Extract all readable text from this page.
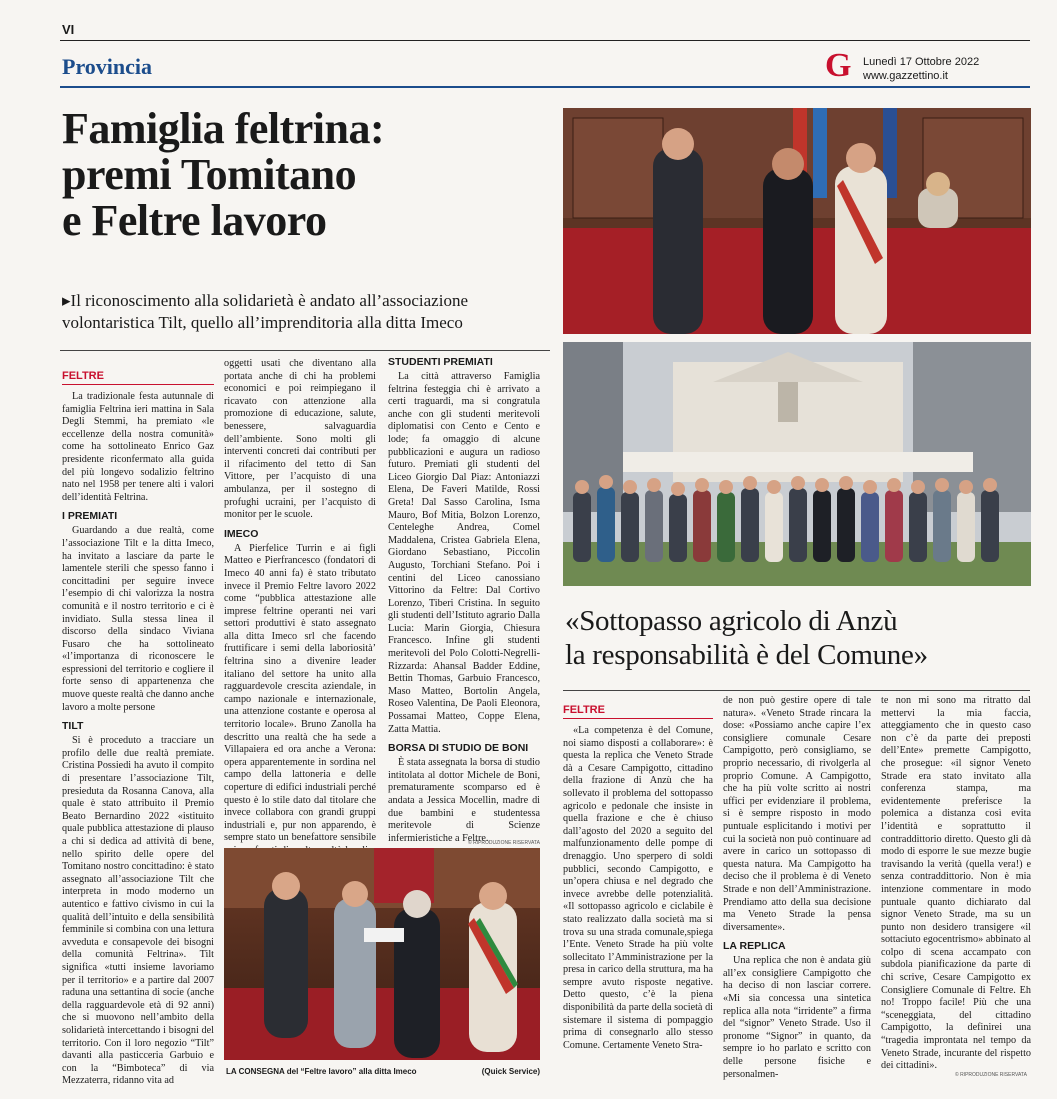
VI
Provincia	G	Lunedì 17 Ottobre 2022
www.gazzettino.it
Famiglia feltrina:
premi Tomitano
e Feltre lavoro
▸Il riconoscimento alla solidarietà è andato all’associazione volontaristica Tilt, quello all’imprenditoria alla ditta Imeco
FELTRE

La tradizionale festa autunnale di famiglia Feltrina ieri mattina in Sala Degli Stemmi, ha premiato «le eccellenze della nostra comunità» come ha sottolineato Enrico Gaz presidente riconfermato alla guida del più longevo sodalizio feltrino nato nel 1958 per tenere alti i valori dell’identità Feltrina.

I PREMIATI

Guardando a due realtà, come l’associazione Tilt e la ditta Imeco, ha invitato a lasciare da parte le lamentele sterili che spesso fanno i concittadini per seguire invece l’esempio di chi valorizza la nostra comunità e il nostro territorio e ci è invidiato. Sulla stessa linea il discorso della sindaco Viviana Fusaro che ha sottolineato «l’importanza di riconoscere le espressioni del territorio e cogliere il forte senso di appartenenza che muove queste realtà che danno anche lavoro a molte persone

TILT

Si è proceduto a tracciare un profilo delle due realtà premiate. Cristina Possiedi ha avuto il compito di presentare l’associazione Tilt, presieduta da Rosanna Canova, alla quale è stato attribuito il Premio Beato Bernardino 2022 «istituito quale pubblica attestazione di plauso a chi si dedica ad attività di bene, nello spirito delle opere del Tomitano nostro concittadino: è stato assegnato all’associazione Tilt che interpreta in modo moderno un autentico e fattivo civismo in cui la qualità dell’intuito e della sensibilità femminile si combina con una lettura avveduta e consapevole dei bisogni della comunità Feltrina». Tilt significa «tutti insieme lavoriamo per il territorio» e a partire dal 2007 raduna una settantina di socie (anche della ragguardevole età di 92 anni) che si muovono nell’ambito della solidarietà intercettando i bisogni del territorio. Con il loro negozio “Tilt” davanti alla pasticceria Garbuio e con la “Bimboteca” di via Mezzaterra, ridanno vita ad

oggetti usati che diventano alla portata anche di chi ha problemi economici e poi reimpiegano il ricavato con attenzione alla promozione di educazione, salute, benessere, salvaguardia dell’ambiente. Sono molti gli interventi concreti dai contributi per il rifacimento del tetto di San Vittore, per l’acquisto di una ambulanza, per il sostegno di profughi ucraini, per l’acquisto di monitor per le scuole.

IMECO

A Pierfelice Turrin e ai figli Matteo e Pierfrancesco (fondatori di Imeco 40 anni fa) è stato tributato invece il Premio Feltre lavoro 2022 come “pubblica attestazione alle imprese feltrine operanti nei vari settori produttivi è stato assegnato alla ditta Imeco srl che facendo fruttificare i semi della laboriosità’ feltrina sino a divenire leader italiano del settore ha unito alla ragguardevole crescita aziendale, in campo nazionale e internazionale, una attenzione costante e operosa al territorio locale». Bruno Zanolla ha descritto una realtà che ha sede a Villapaiera ed ora anche a Verona: opera apparentemente in sordina nel campo della lattoneria e delle coperture di edifici industriali perché questo è lo stile dato dal titolare che invece collabora con grandi gruppi industriali e, pur non apparendo, è sempre stato un benefattore sensibile

STUDENTI PREMIATI

La città attraverso Famiglia feltrina festeggia chi è arrivato a certi traguardi, ma si congratula anche con gli studenti meritevoli diplomatisi con Cento e Cento e lode; fa omaggio di alcune pubblicazioni e augura un radioso futuro. Premiati gli studenti del Liceo Giorgio Dal Piaz: Antoniazzi Elena, De Faveri Matilde, Rossi Greta! Dal Sasso Carolina, Isma Mauro, Bof Mitia, Bolzon Lorenzo, Centeleghe Andrea, Comel Maddalena, Cristea Gabriela Elena, Giordano Sebastiano, Piccolin Augusto, Torchiani Stefano. Poi i centini del Liceo canossiano Vittorino da Feltre: Dal Cortivo Lorenzo, Tiberi Cristina. In seguito gli studenti dell’Istituto agrario Dalla Lucia: Marin Giorgia, Chiesura Francesco. Infine gli studenti meritevoli del Polo Colotti-Negrelli-Rizzarda: Ahansal Badder Eddine, Bettin Thomas, Garbuio Francesco, Maso Matteo, Bortolin Angela, Roseo Valentina, De Paoli Eleonora, Possamai Matteo, Coppe Elena, Zatta Mattia.

BORSA DI STUDIO DE BONI

È stata assegnata la borsa di studio intitolata al dottor Michele de Boni, prematuramente scomparso ed è andata a Jessica Mocellin, madre di due bambini e studentessa meritevole di Scienze infermieristiche a Feltre.

© RIPRODUZIONE RISERVATA
LA CONSEGNA del “Feltre lavoro” alla ditta Imeco	(Quick Service)
«Sottopasso agricolo di Anzù
la responsabilità è del Comune»
FELTRE

«La competenza è del Comune, noi siamo disposti a collaborare»: è questa la replica che Veneto Strade dà a Cesare Campigotto, cittadino della frazione di Anzù che ha sollevato il problema del sottopasso agricolo e pedonale che insiste in quella frazione e che è chiuso dall’agosto del 2020 a seguito del malfunzionamento delle pompe di drenaggio. Uno sperpero di soldi pubblici, secondo Campigotto, e un’opera chiusa e nel degrado che invece avrebbe delle potenzialità. «Il sottopasso agricolo e ciclabile è stato realizzato dalla società ma si trova su una strada comunale,spiega l’Ente. Veneto Strade ha più volte sollecitato l’Amministrazione per la presa in carico della struttura, ma ha sempre avuto risposte negative. Detto questo, c’è la piena disponibilità da parte della società di sistemare il sistema di pompaggio prima di consegnarlo allo stesso Comune. Certamente Veneto Stra-

de non può gestire opere di tale natura». «Veneto Strade rincara la dose: «Possiamo anche capire l’ex consigliere comunale Cesare Campigotto, però consigliamo, se proprio necessario, di rivolgerla al proprio Comune. A Campigotto, che ha più volte scritto ai nostri uffici per evidenziare il problema, si è sempre risposto in modo puntuale esplicitando i motivi per cui la società non può continuare ad avere in carico un sottopasso di questa natura. Ma Campigotto ha deciso che il problema è di Veneto Strade e non dell’Amministrazione. Prendiamo atto della sua decisione ma Veneto Strade la pensa diversamente».

LA REPLICA

Una replica che non è andata giù all’ex consigliere Campigotto che ha deciso di non lasciar correre. «Mi sia concessa una sintetica replica alla nota “irridente” a firma del “signor” Veneto Strade. Uso il pronome “Signor” in quanto, da sempre io ho parlato e scritto con delle persone fisiche e personalmen-

te non mi sono ma ritratto dal mettervi la mia faccia, atteggiamento che in questo caso non c’è da parte dei preposti dell’Ente» premette Campigotto, che prosegue: «il signor Veneto Strade era stato invitato alla conferenza stampa, ma evidentemente preferisce la polemica a distanza così evita l’identità e soprattutto il contraddittorio diretto. Questo gli dà modo di esporre le sue mezze bugie travisando la verità (quella vera!) e senza contraddittorio. Non è mia intenzione commentare in modo puntuale quanto dichiarato dal signor Veneto Strade, ma su un punto non desidero transigere «il sottaciuto egocentrismo» abbinato al colpo di scena accampato con subdola pianificazione da parte di chi scrive, Cesare Campigotto ex Consigliere Comunale di Feltre. Eh no! Troppo facile! Più che una “sceneggiata, del cittadino Campigotto, la definirei una “tragedia improntata nel tempo da Veneto Strade, incurante del rispetto dei cittadini».

© RIPRODUZIONE RISERVATA
